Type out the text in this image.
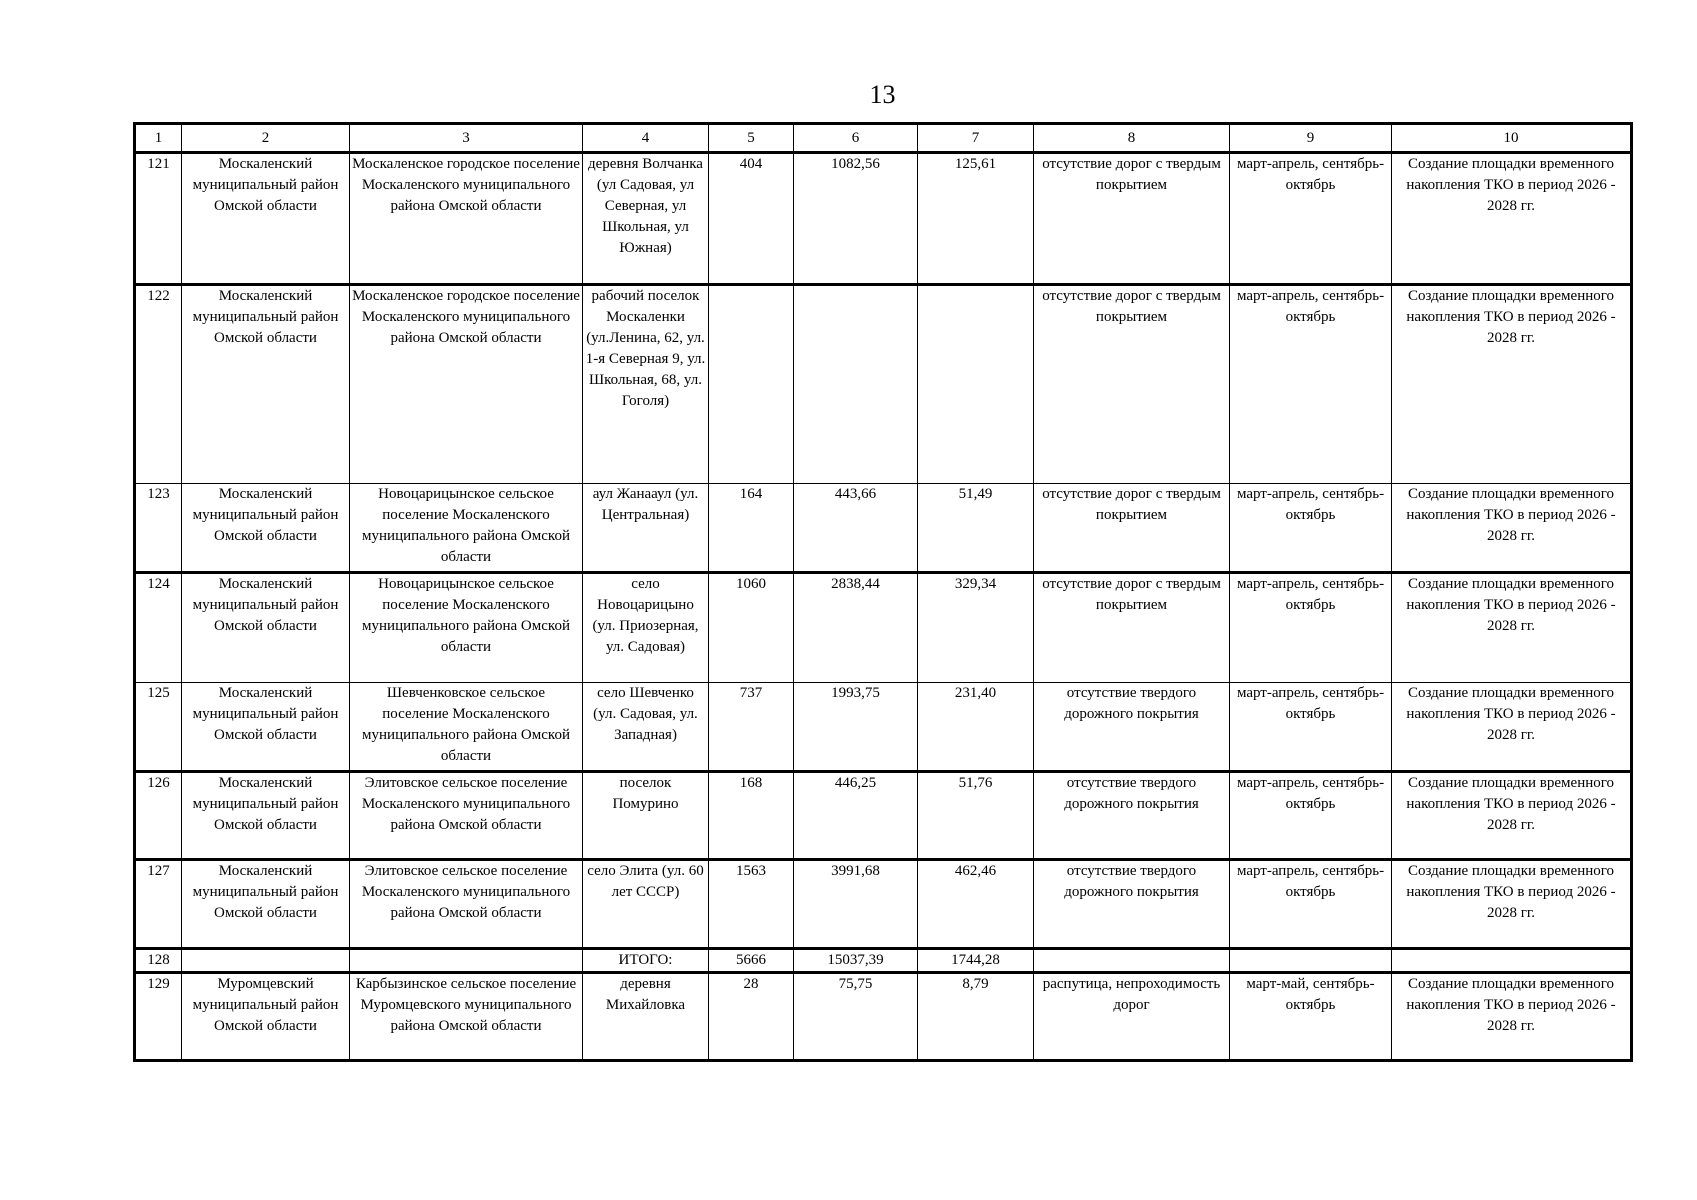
13
1	2	3	4	5	6	7	8	9	10
121	Москаленский муниципальный район Омской области	Москаленское городское поселение Москаленского муниципального района Омской области	деревня Волчанка (ул Садовая, ул Северная, ул Школьная, ул Южная)	404	1082,56	125,61	отсутствие дорог с твердым покрытием	март-апрель, сентябрь-октябрь	Создание площадки временного накопления ТКО в период 2026 - 2028 гг.
122	Москаленский муниципальный район Омской области	Москаленское городское поселение Москаленского муниципального района Омской области	рабочий поселок Москаленки (ул.Ленина, 62, ул. 1-я Северная 9, ул. Школьная, 68, ул. Гоголя)				отсутствие дорог с твердым покрытием	март-апрель, сентябрь-октябрь	Создание площадки временного накопления ТКО в период 2026 - 2028 гг.
123	Москаленский муниципальный район Омской области	Новоцарицынское сельское поселение Москаленского муниципального района Омской области	аул Жанааул (ул. Центральная)	164	443,66	51,49	отсутствие дорог с твердым покрытием	март-апрель, сентябрь-октябрь	Создание площадки временного накопления ТКО в период 2026 - 2028 гг.
124	Москаленский муниципальный район Омской области	Новоцарицынское сельское поселение Москаленского муниципального района Омской области	село Новоцарицыно (ул. Приозерная, ул. Садовая)	1060	2838,44	329,34	отсутствие дорог с твердым покрытием	март-апрель, сентябрь-октябрь	Создание площадки временного накопления ТКО в период 2026 - 2028 гг.
125	Москаленский муниципальный район Омской области	Шевченковское сельское поселение Москаленского муниципального района Омской области	село Шевченко (ул. Садовая, ул. Западная)	737	1993,75	231,40	отсутствие твердого дорожного покрытия	март-апрель, сентябрь-октябрь	Создание площадки временного накопления ТКО в период 2026 - 2028 гг.
126	Москаленский муниципальный район Омской области	Элитовское сельское поселение Москаленского муниципального района Омской области	поселок Помурино	168	446,25	51,76	отсутствие твердого дорожного покрытия	март-апрель, сентябрь-октябрь	Создание площадки временного накопления ТКО в период 2026 - 2028 гг.
127	Москаленский муниципальный район Омской области	Элитовское сельское поселение Москаленского муниципального района Омской области	село Элита (ул. 60 лет СССР)	1563	3991,68	462,46	отсутствие твердого дорожного покрытия	март-апрель, сентябрь-октябрь	Создание площадки временного накопления ТКО в период 2026 - 2028 гг.
128			ИТОГО:	5666	15037,39	1744,28			
129	Муромцевский муниципальный район Омской области	Карбызинское сельское поселение Муромцевского муниципального района Омской области	деревня Михайловка	28	75,75	8,79	распутица, непроходимость дорог	март-май, сентябрь-октябрь	Создание площадки временного накопления ТКО в период 2026 - 2028 гг.
